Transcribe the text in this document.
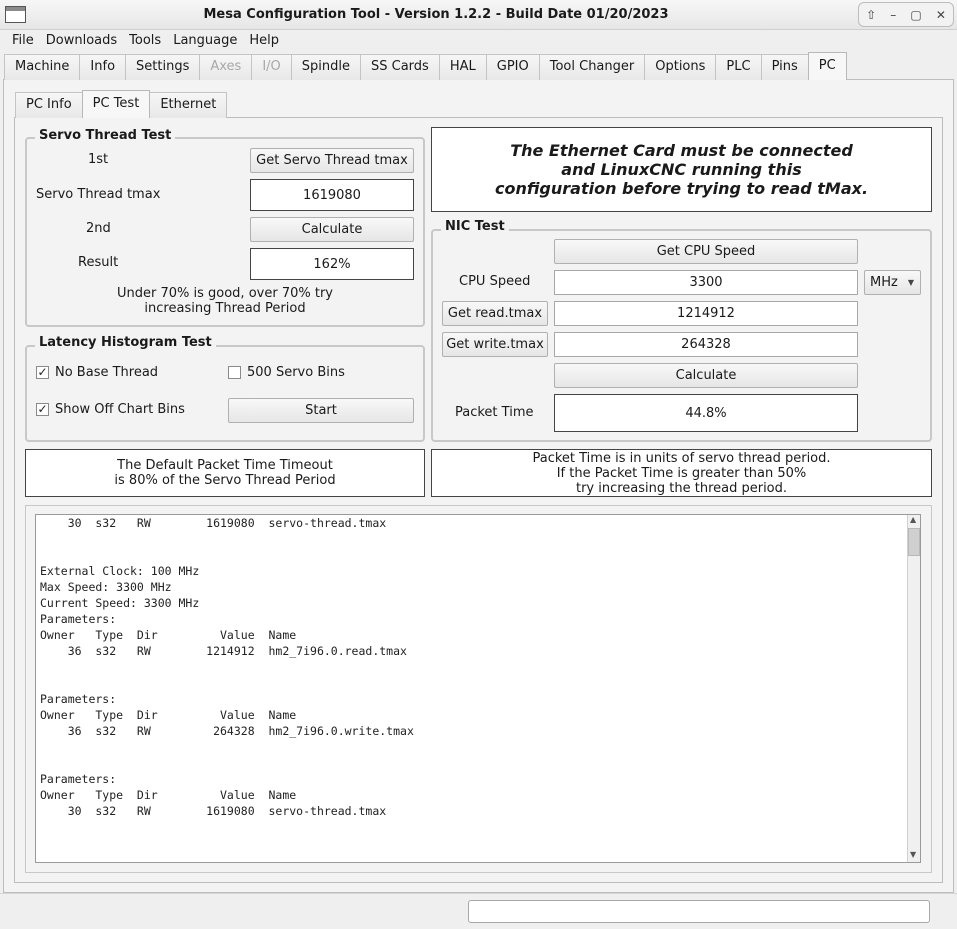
Mesa Configuration Tool - Version 1.2.2 - Build Date 01/20/2023	⇧ – ▢ ✕
File Downloads Tools Language Help
Machine	Info	Settings	Axes	I/O	Spindle	SS Cards	HAL	GPIO	Tool Changer	Options	PLC	Pins	PC
PC Info	PC Test	Ethernet
Servo Thread Test
1st	Get Servo Thread tmax
Servo Thread tmax	1619080
2nd	Calculate
Result	162%
Under 70% is good, over 70% try
increasing Thread Period
Latency Histogram Test
✓ No Base Thread	500 Servo Bins
✓ Show Off Chart Bins	Start
The Ethernet Card must be connected
and LinuxCNC running this
configuration before trying to read tMax.
NIC Test
Get CPU Speed
CPU Speed	3300	MHz ▼
Get read.tmax	1214912
Get write.tmax	264328
Calculate
Packet Time	44.8%
The Default Packet Time Timeout
is 80% of the Servo Thread Period
Packet Time is in units of servo thread period.
If the Packet Time is greater than 50%
try increasing the thread period.
30  s32   RW        1619080  servo-thread.tmax

External Clock: 100 MHz
Max Speed: 3300 MHz
Current Speed: 3300 MHz
Parameters:
Owner   Type  Dir         Value  Name
36  s32   RW        1214912  hm2_7i96.0.read.tmax

Parameters:
Owner   Type  Dir         Value  Name
36  s32   RW         264328  hm2_7i96.0.write.tmax

Parameters:
Owner   Type  Dir         Value  Name
30  s32   RW        1619080  servo-thread.tmax
▲
▼
